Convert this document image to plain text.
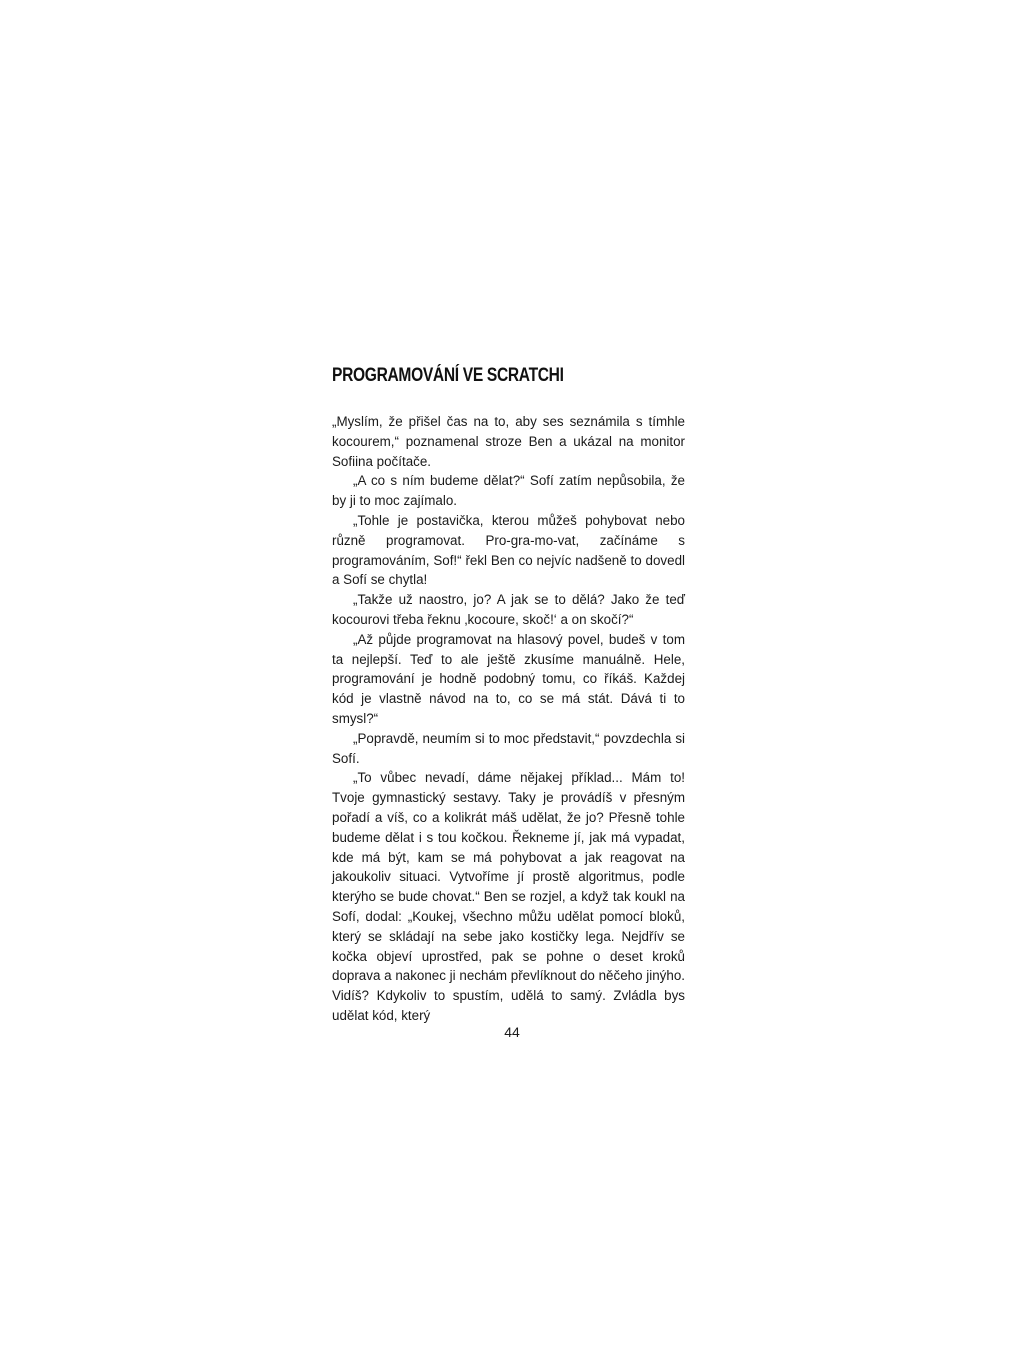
PROGRAMOVÁNÍ VE SCRATCHI

„Myslím, že přišel čas na to, aby ses seznámila s tímhle kocourem,“ poznamenal stroze Ben a ukázal na monitor Sofiina počítače.

„A co s ním budeme dělat?“ Sofí zatím nepůsobila, že by ji to moc zajímalo.

„Tohle je postavička, kterou můžeš pohybovat nebo různě programovat. Pro-gra-mo-vat, začínáme s programováním, Sof!“ řekl Ben co nejvíc nadšeně to dovedl a Sofí se chytla!

„Takže už naostro, jo? A jak se to dělá? Jako že teď kocourovi třeba řeknu ‚kocoure, skoč!‘ a on skočí?“

„Až půjde programovat na hlasový povel, budeš v tom ta nejlepší. Teď to ale ještě zkusíme manuálně. Hele, programování je hodně podobný tomu, co říkáš. Každej kód je vlastně návod na to, co se má stát. Dává ti to smysl?“

„Popravdě, neumím si to moc představit,“ povzdechla si Sofí.

„To vůbec nevadí, dáme nějakej příklad... Mám to! Tvoje gymnastický sestavy. Taky je provádíš v přesným pořadí a víš, co a kolikrát máš udělat, že jo? Přesně tohle budeme dělat i s tou kočkou. Řekneme jí, jak má vypadat, kde má být, kam se má pohybovat a jak reagovat na jakoukoliv situaci. Vytvoříme jí prostě algoritmus, podle kterýho se bude chovat.“ Ben se rozjel, a když tak koukl na Sofí, dodal: „Koukej, všechno můžu udělat pomocí bloků, který se skládají na sebe jako kostičky lega. Nejdřív se kočka objeví uprostřed, pak se pohne o deset kroků doprava a nakonec ji nechám převlíknout do něčeho jinýho. Vidíš? Kdykoliv to spustím, udělá to samý. Zvládla bys udělat kód, který

44
